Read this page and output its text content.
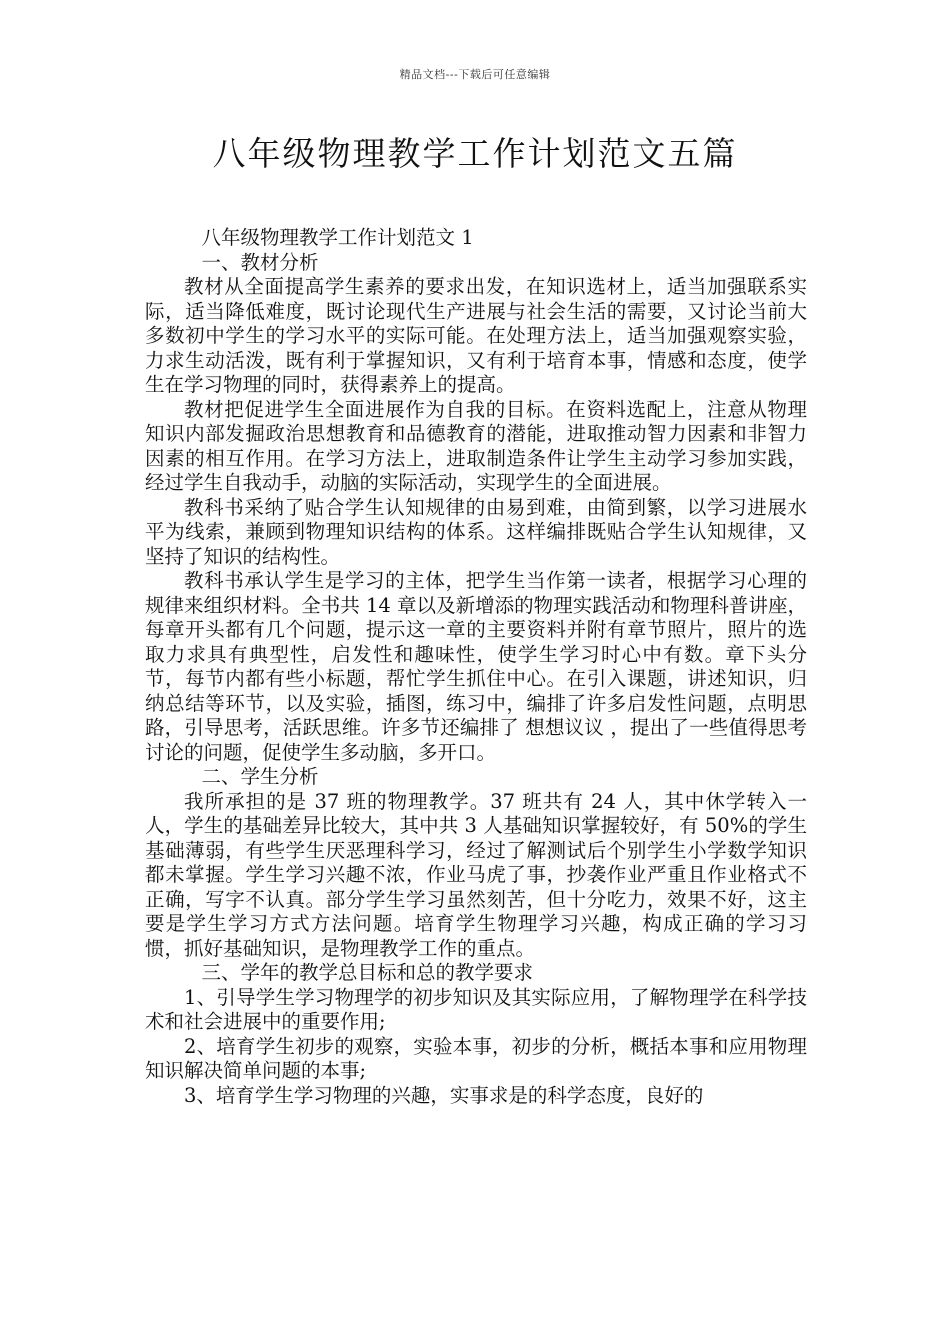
精品文档---下载后可任意编辑
八年级物理教学工作计划范文五篇
八年级物理教学工作计划范文 1
一、教材分析

教材从全面提高学生素养的要求出发，在知识选材上，适当加强联系实际，适当降低难度，既讨论现代生产进展与社会生活的需要，又讨论当前大多数初中学生的学习水平的实际可能。在处理方法上，适当加强观察实验，力求生动活泼，既有利于掌握知识，又有利于培育本事，情感和态度，使学生在学习物理的同时，获得素养上的提高。

教材把促进学生全面进展作为自我的目标。在资料选配上，注意从物理知识内部发掘政治思想教育和品德教育的潜能，进取推动智力因素和非智力因素的相互作用。在学习方法上，进取制造条件让学生主动学习参加实践，经过学生自我动手，动脑的实际活动，实现学生的全面进展。

教科书采纳了贴合学生认知规律的由易到难，由简到繁，以学习进展水平为线索，兼顾到物理知识结构的体系。这样编排既贴合学生认知规律，又坚持了知识的结构性。

教科书承认学生是学习的主体，把学生当作第一读者，根据学习心理的规律来组织材料。全书共 14 章以及新增添的物理实践活动和物理科普讲座，每章开头都有几个问题，提示这一章的主要资料并附有章节照片，照片的选取力求具有典型性，启发性和趣味性，使学生学习时心中有数。章下头分节，每节内都有些小标题，帮忙学生抓住中心。在引入课题，讲述知识，归纳总结等环节，以及实验，插图，练习中，编排了许多启发性问题，点明思路，引导思考，活跃思维。许多节还编排了 想想议议 ，提出了一些值得思考讨论的问题，促使学生多动脑，多开口。

二、学生分析

我所承担的是 37 班的物理教学。37 班共有 24 人，其中休学转入一人，学生的基础差异比较大，其中共 3 人基础知识掌握较好，有 50%的学生基础薄弱，有些学生厌恶理科学习，经过了解测试后个别学生小学数学知识都未掌握。学生学习兴趣不浓，作业马虎了事，抄袭作业严重且作业格式不正确，写字不认真。部分学生学习虽然刻苦，但十分吃力，效果不好，这主要是学生学习方式方法问题。培育学生物理学习兴趣，构成正确的学习习惯，抓好基础知识，是物理教学工作的重点。

三、学年的教学总目标和总的教学要求

1、引导学生学习物理学的初步知识及其实际应用，了解物理学在科学技术和社会进展中的重要作用;

2、培育学生初步的观察，实验本事，初步的分析，概括本事和应用物理知识解决简单问题的本事;

3、培育学生学习物理的兴趣，实事求是的科学态度，良好的
